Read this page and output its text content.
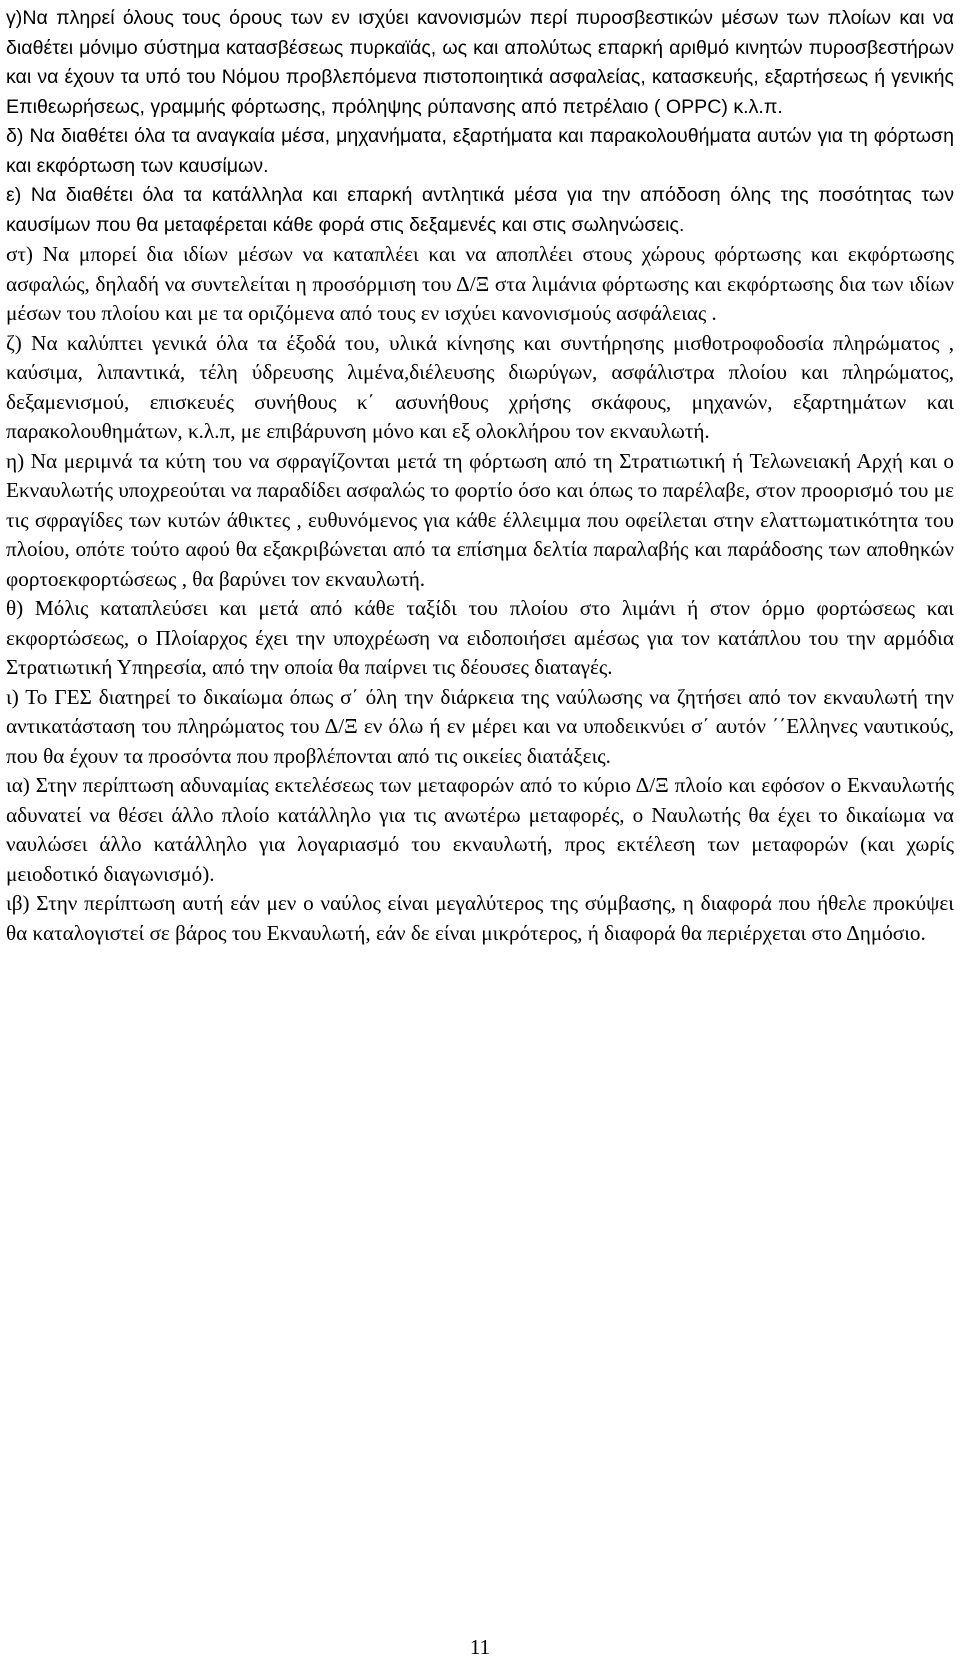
γ)Να πληρεί όλους τους όρους των εν ισχύει κανονισμών περί πυροσβεστικών μέσων των πλοίων και να διαθέτει μόνιμο σύστημα κατασβέσεως πυρκαϊάς, ως και απολύτως επαρκή αριθμό κινητών πυροσβεστήρων και να έχουν τα υπό του Νόμου προβλεπόμενα πιστοποιητικά ασφαλείας, κατασκευής, εξαρτήσεως ή γενικής Επιθεωρήσεως, γραμμής φόρτωσης, πρόληψης ρύπανσης από πετρέλαιο ( OPPC) κ.λ.π.

δ) Να διαθέτει όλα τα αναγκαία μέσα, μηχανήματα, εξαρτήματα και παρακολουθήματα αυτών για τη φόρτωση και εκφόρτωση των καυσίμων.

ε) Να διαθέτει όλα τα κατάλληλα και επαρκή αντλητικά μέσα για την απόδοση όλης της ποσότητας των καυσίμων που θα μεταφέρεται κάθε φορά στις δεξαμενές και στις σωληνώσεις.

στ) Να μπορεί δια ιδίων μέσων να καταπλέει και να αποπλέει στους χώρους φόρτωσης και εκφόρτωσης ασφαλώς, δηλαδή να συντελείται η προσόρμιση του Δ/Ξ στα λιμάνια φόρτωσης και εκφόρτωσης δια των ιδίων μέσων του πλοίου και με τα οριζόμενα από τους εν ισχύει κανονισμούς ασφάλειας .

ζ) Να καλύπτει γενικά όλα τα έξοδά του, υλικά κίνησης και συντήρησης μισθοτροφοδοσία πληρώματος , καύσιμα, λιπαντικά, τέλη ύδρευσης λιμένα,διέλευσης διωρύγων, ασφάλιστρα πλοίου και πληρώματος, δεξαμενισμού, επισκευές συνήθους κ΄ ασυνήθους χρήσης σκάφους, μηχανών, εξαρτημάτων και παρακολουθημάτων, κ.λ.π, με επιβάρυνση μόνο και εξ ολοκλήρου τον εκναυλωτή.

η) Να μεριμνά τα κύτη του να σφραγίζονται μετά τη φόρτωση από τη Στρατιωτική ή Τελωνειακή Αρχή και ο Εκναυλωτής υποχρεούται να παραδίδει ασφαλώς το φορτίο όσο και όπως το παρέλαβε, στον προορισμό του με τις σφραγίδες των κυτών άθικτες , ευθυνόμενος για κάθε έλλειμμα που οφείλεται στην ελαττωματικότητα του πλοίου, οπότε τούτο αφού θα εξακριβώνεται από τα επίσημα δελτία παραλαβής και παράδοσης των αποθηκών φορτοεκφορτώσεως , θα βαρύνει τον εκναυλωτή.

θ) Μόλις καταπλεύσει και μετά από κάθε ταξίδι του πλοίου στο λιμάνι ή στον όρμο φορτώσεως και εκφορτώσεως, ο Πλοίαρχος έχει την υποχρέωση να ειδοποιήσει αμέσως για τον κατάπλου του την αρμόδια Στρατιωτική Υπηρεσία, από την οποία θα παίρνει τις δέουσες διαταγές.

ι) Το ΓΕΣ διατηρεί το δικαίωμα όπως σ΄ όλη την διάρκεια της ναύλωσης να ζητήσει από τον εκναυλωτή την αντικατάσταση του πληρώματος του Δ/Ξ εν όλω ή εν μέρει και να υποδεικνύει σ΄ αυτόν ΄΄Ελληνες ναυτικούς, που θα έχουν τα προσόντα που προβλέπονται από τις οικείες διατάξεις.

ια) Στην περίπτωση αδυναμίας εκτελέσεως των μεταφορών από το κύριο Δ/Ξ πλοίο και εφόσον ο Εκναυλωτής αδυνατεί να θέσει άλλο πλοίο κατάλληλο για τις ανωτέρω μεταφορές, ο Ναυλωτής θα έχει το δικαίωμα να ναυλώσει άλλο κατάλληλο για λογαριασμό του εκναυλωτή, προς εκτέλεση των μεταφορών (και χωρίς μειοδοτικό διαγωνισμό).

ιβ) Στην περίπτωση αυτή εάν μεν ο ναύλος είναι μεγαλύτερος της σύμβασης, η διαφορά που ήθελε προκύψει θα καταλογιστεί σε βάρος του Εκναυλωτή, εάν δε είναι μικρότερος, ή διαφορά θα περιέρχεται στο Δημόσιο.

11
